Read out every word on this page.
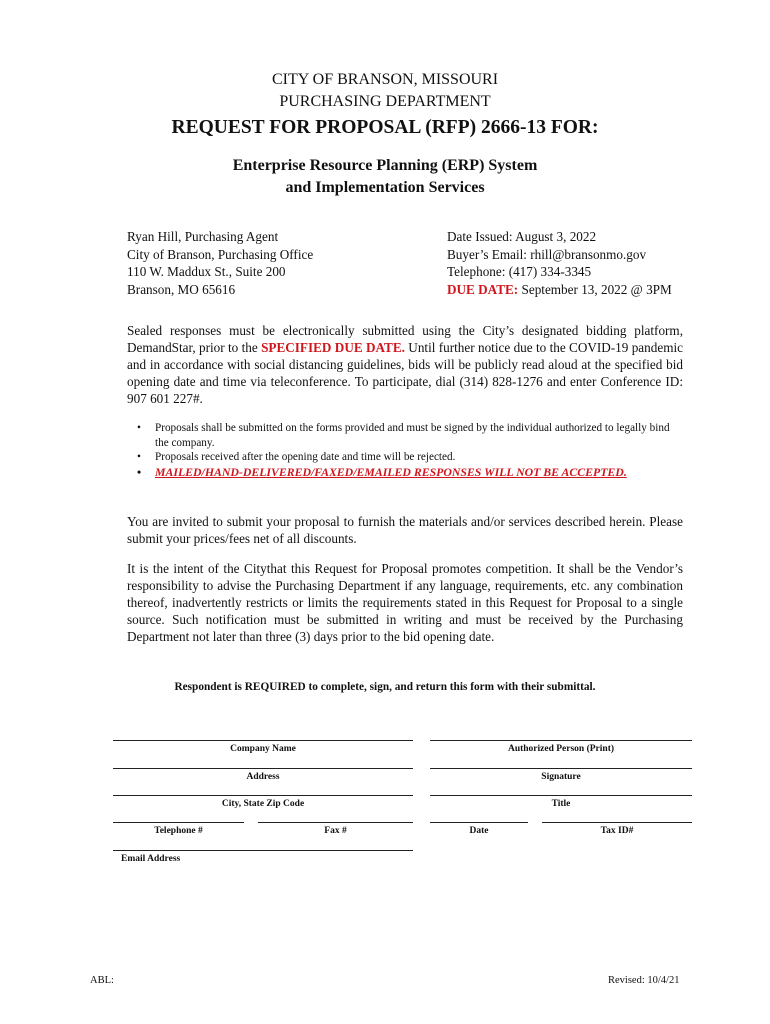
CITY OF BRANSON, MISSOURI
PURCHASING DEPARTMENT
REQUEST FOR PROPOSAL (RFP) 2666-13 FOR:
Enterprise Resource Planning (ERP) System
and Implementation Services
Ryan Hill, Purchasing Agent
City of Branson, Purchasing Office
110 W. Maddux St., Suite 200
Branson, MO 65616
Date Issued: August 3, 2022
Buyer’s Email: rhill@bransonmo.gov
Telephone: (417) 334-3345
DUE DATE: September 13, 2022 @ 3PM
Sealed responses must be electronically submitted using the City’s designated bidding platform, DemandStar, prior to the SPECIFIED DUE DATE. Until further notice due to the COVID-19 pandemic and in accordance with social distancing guidelines, bids will be publicly read aloud at the specified bid opening date and time via teleconference. To participate, dial (314) 828-1276 and enter Conference ID: 907 601 227#.
• Proposals shall be submitted on the forms provided and must be signed by the individual authorized to legally bind the company.
• Proposals received after the opening date and time will be rejected.
• MAILED/HAND-DELIVERED/FAXED/EMAILED RESPONSES WILL NOT BE ACCEPTED.
You are invited to submit your proposal to furnish the materials and/or services described herein. Please submit your prices/fees net of all discounts.
It is the intent of the Citythat this Request for Proposal promotes competition. It shall be the Vendor’s responsibility to advise the Purchasing Department if any language, requirements, etc. any combination thereof, inadvertently restricts or limits the requirements stated in this Request for Proposal to a single source. Such notification must be submitted in writing and must be received by the Purchasing Department not later than three (3) days prior to the bid opening date.
Respondent is REQUIRED to complete, sign, and return this form with their submittal.
Company Name	Authorized Person (Print)
Address	Signature
City, State Zip Code	Title
Telephone #	Fax #	Date	Tax ID#
Email Address
ABL:	Revised: 10/4/21
